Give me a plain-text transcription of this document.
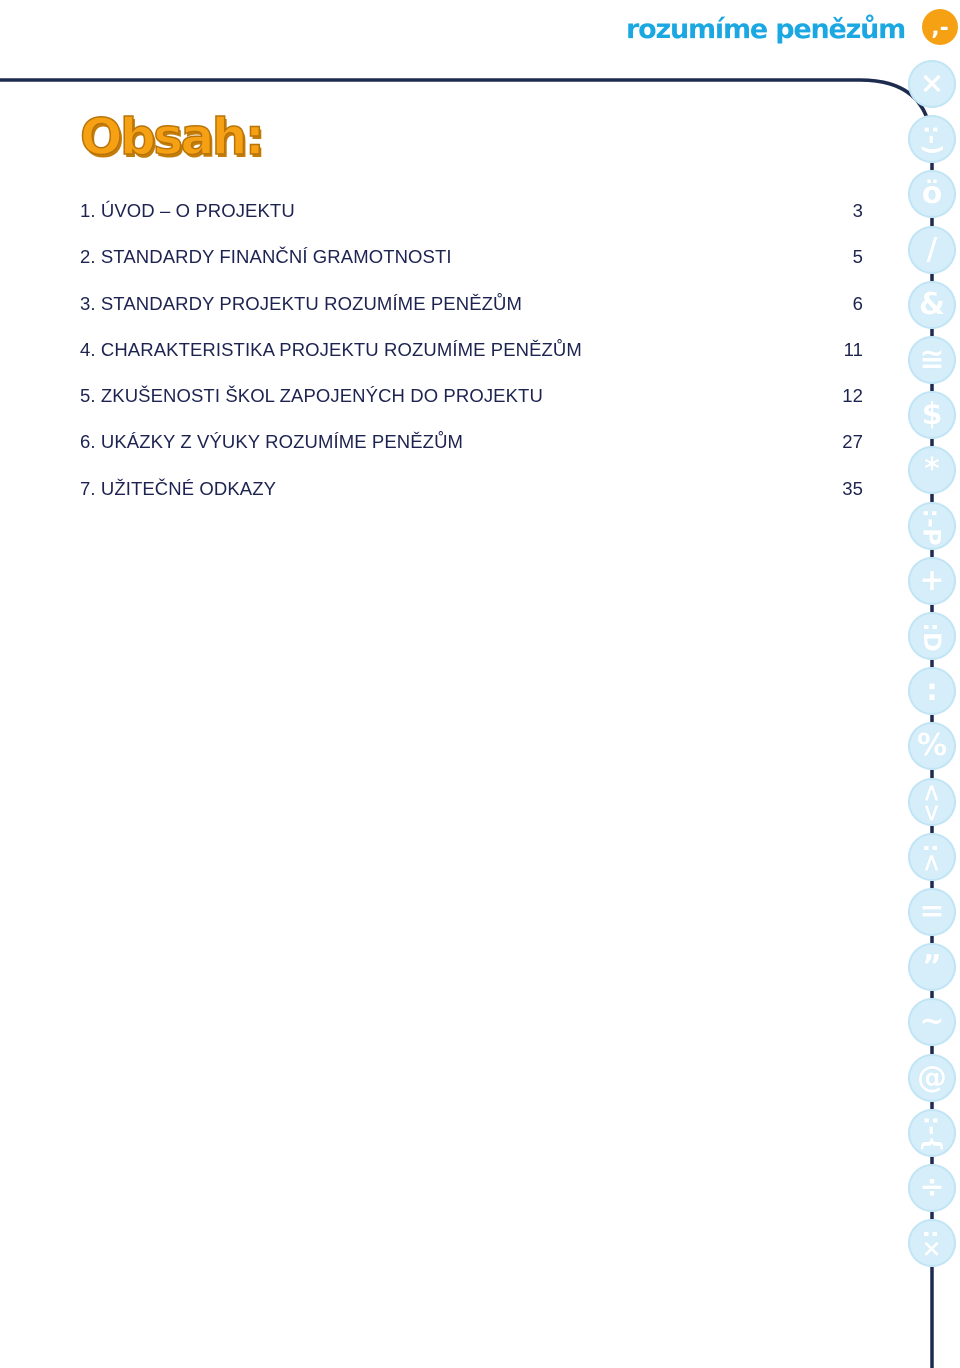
rozumíme penězům ,-
Obsah:
1. ÚVOD – O PROJEKTU	3
2. STANDARDY FINANČNÍ GRAMOTNOSTI	5
3. STANDARDY PROJEKTU ROZUMÍME PENĚZŮM	6
4. CHARAKTERISTIKA PROJEKTU ROZUMÍME PENĚZŮM	11
5. ZKUŠENOSTI ŠKOL ZAPOJENÝCH DO PROJEKTU	12
6. UKÁZKY Z VÝUKY ROZUMÍME PENĚZŮM	27
7. UŽITEČNÉ ODKAZY	35
×
:-)
ö
/
&
≅
$
*
:-P
+
:D
:
%
<>
:<
=
”
~
@
:-{
÷
:×
